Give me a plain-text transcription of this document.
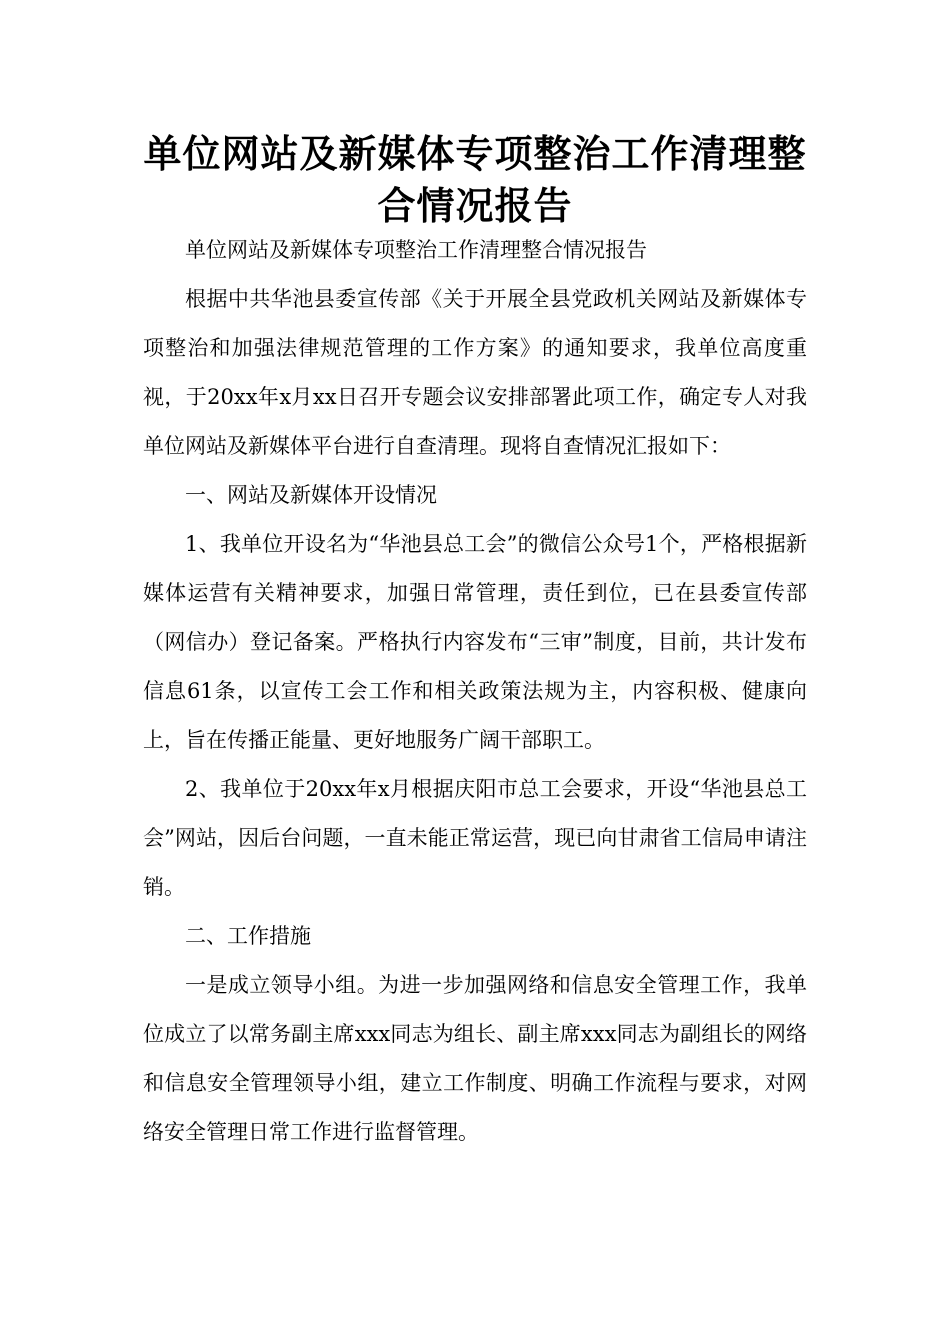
单位网站及新媒体专项整治工作清理整合情况报告

单位网站及新媒体专项整治工作清理整合情况报告

根据中共华池县委宣传部《关于开展全县党政机关网站及新媒体专项整治和加强法律规范管理的工作方案》的通知要求，我单位高度重视，于20xx年x月xx日召开专题会议安排部署此项工作，确定专人对我单位网站及新媒体平台进行自查清理。现将自查情况汇报如下：

一、网站及新媒体开设情况

1、我单位开设名为“华池县总工会”的微信公众号1个，严格根据新媒体运营有关精神要求，加强日常管理，责任到位，已在县委宣传部（网信办）登记备案。严格执行内容发布“三审”制度，目前，共计发布信息61条，以宣传工会工作和相关政策法规为主，内容积极、健康向上，旨在传播正能量、更好地服务广阔干部职工。

2、我单位于20xx年x月根据庆阳市总工会要求，开设“华池县总工会”网站，因后台问题，一直未能正常运营，现已向甘肃省工信局申请注销。

二、工作措施

一是成立领导小组。为进一步加强网络和信息安全管理工作，我单位成立了以常务副主席xxx同志为组长、副主席xxx同志为副组长的网络和信息安全管理领导小组，建立工作制度、明确工作流程与要求，对网络安全管理日常工作进行监督管理。
